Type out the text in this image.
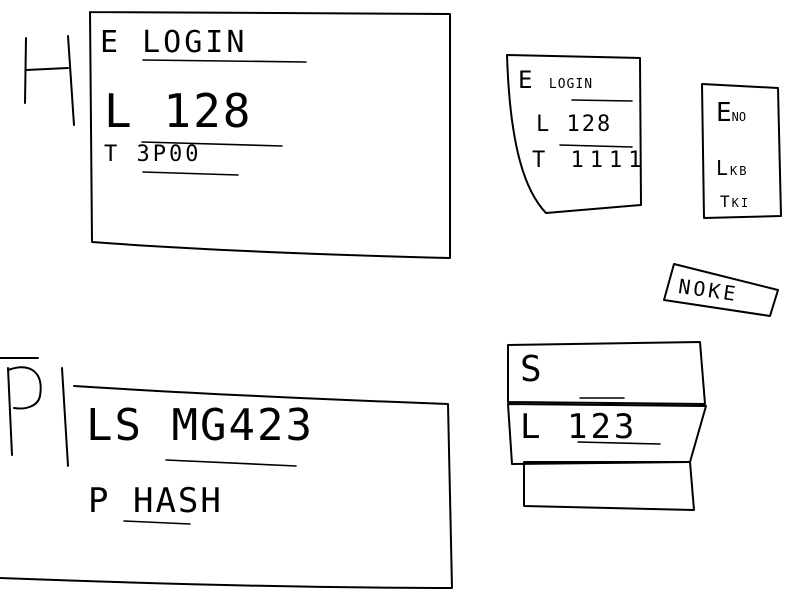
E LOGIN
L 128
T 3P00
LS MG423
P HASH
E LOGIN
L 128
T 1111
ENO
LKB
TKI
NOKE
S
L 123
